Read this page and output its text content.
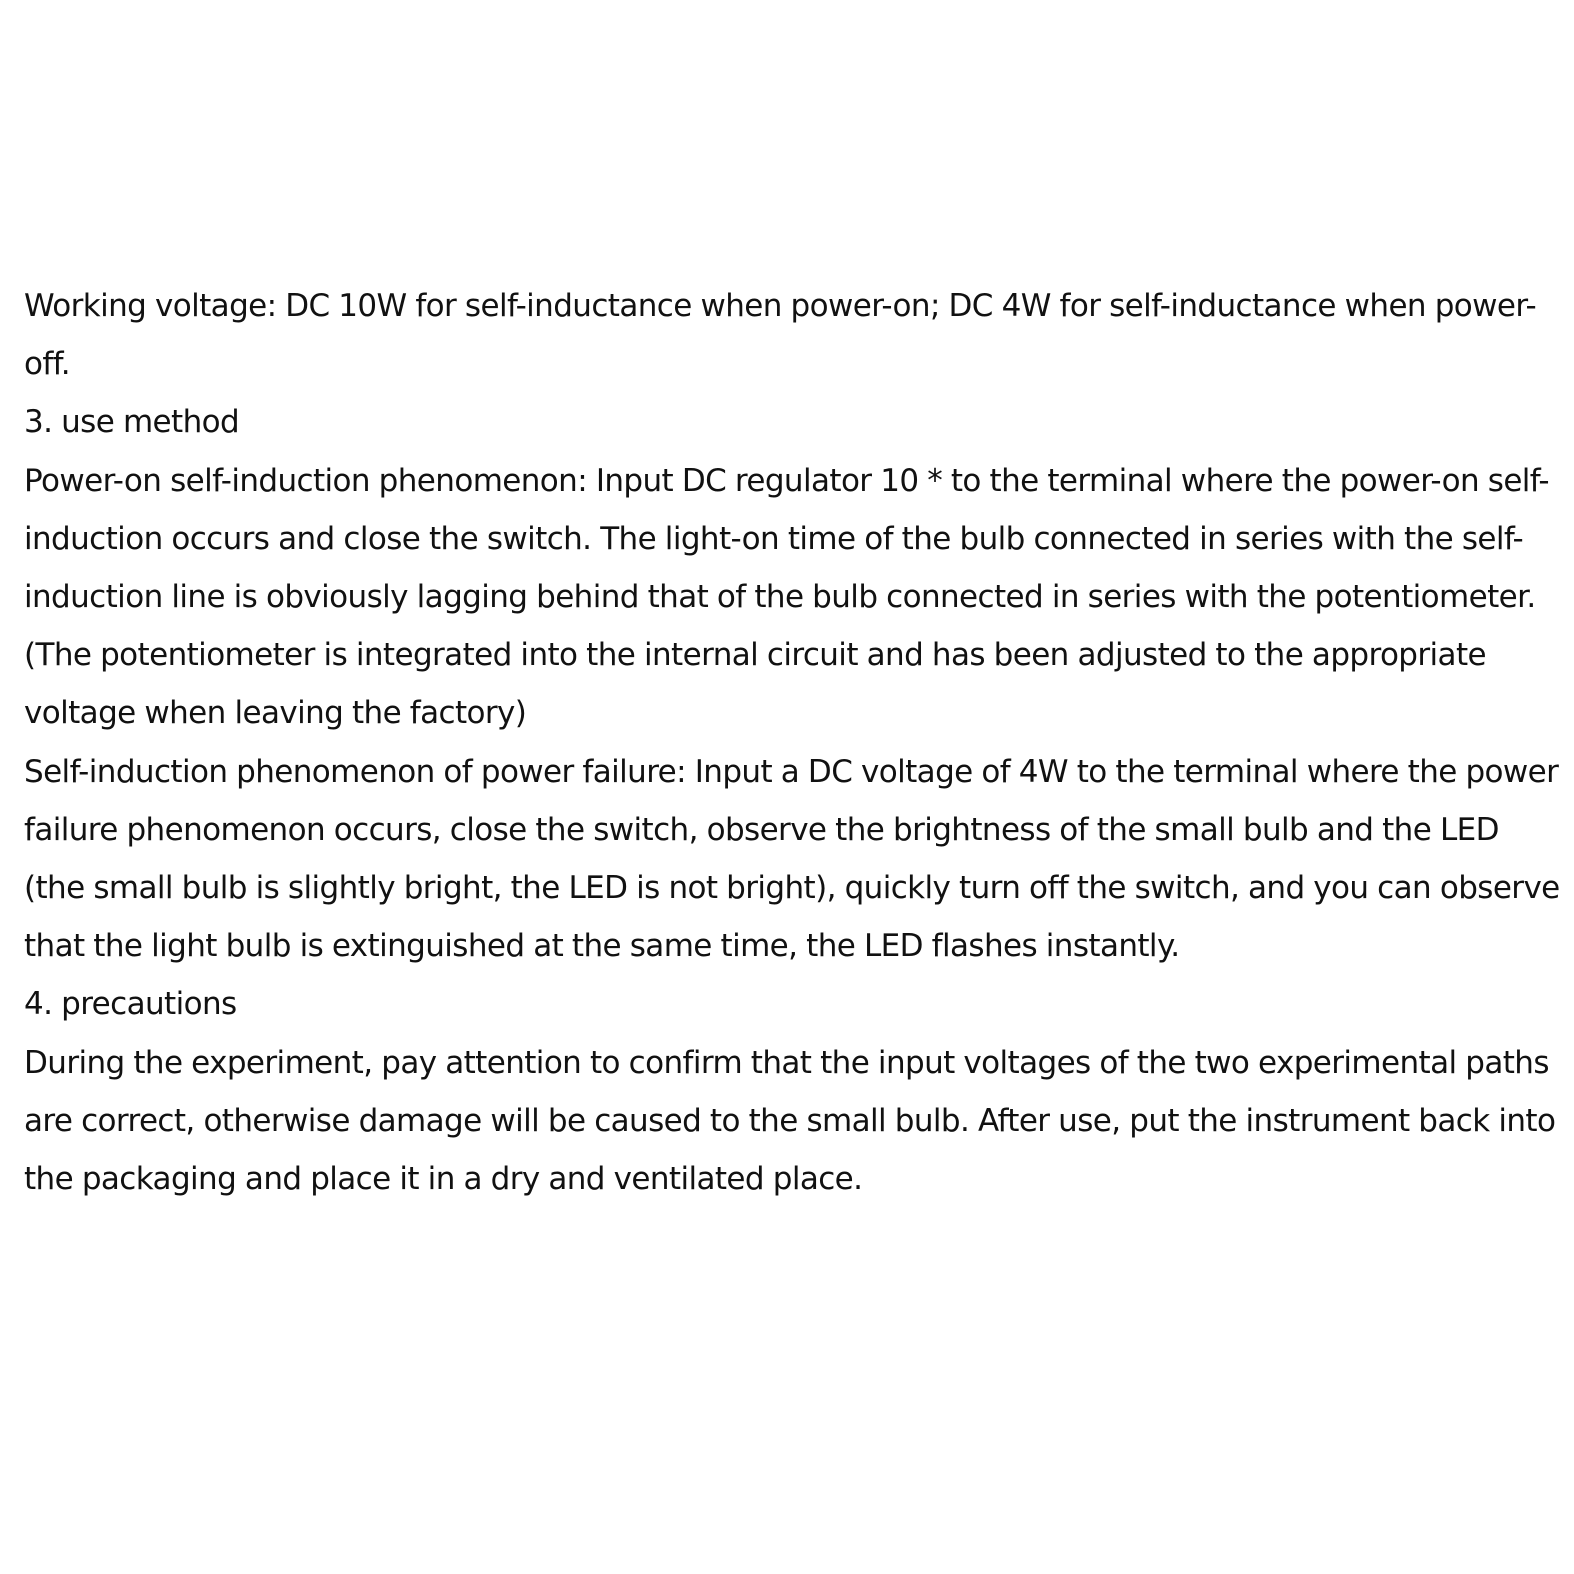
Working voltage: DC 10W for self-inductance when power-on; DC 4W for self-inductance when power-off.

3. use method

Power-on self-induction phenomenon: Input DC regulator 10 * to the terminal where the power-on self-induction occurs and close the switch. The light-on time of the bulb connected in series with the self-induction line is obviously lagging behind that of the bulb connected in series with the potentiometer. (The potentiometer is integrated into the internal circuit and has been adjusted to the appropriate voltage when leaving the factory)

Self-induction phenomenon of power failure: Input a DC voltage of 4W to the terminal where the power failure phenomenon occurs, close the switch, observe the brightness of the small bulb and the LED (the small bulb is slightly bright, the LED is not bright), quickly turn off the switch, and you can observe that the light bulb is extinguished at the same time, the LED flashes instantly.

4. precautions

During the experiment, pay attention to confirm that the input voltages of the two experimental paths are correct, otherwise damage will be caused to the small bulb. After use, put the instrument back into the packaging and place it in a dry and ventilated place.
